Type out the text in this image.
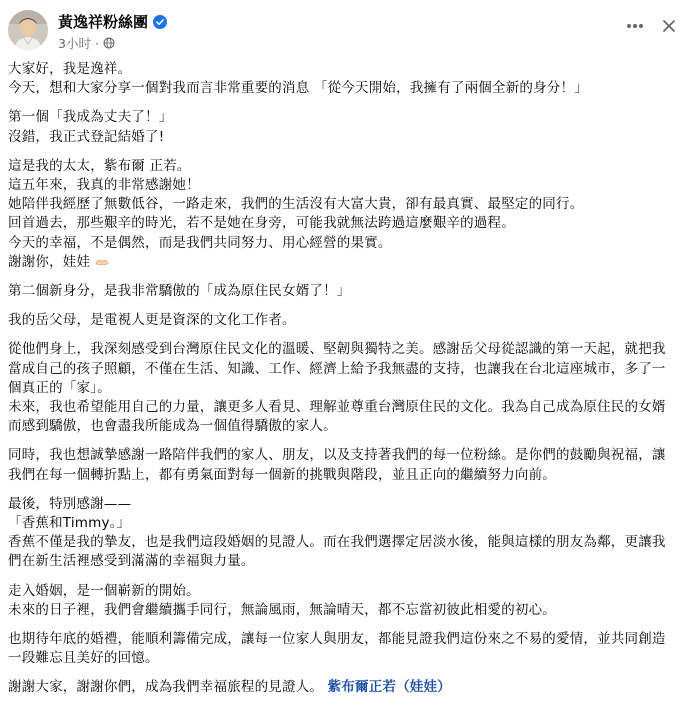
黃逸祥粉絲團
3小时 ·
大家好，我是逸祥。
今天，想和大家分享一個對我而言非常重要的消息 「從今天開始，我擁有了兩個全新的身分！」
第一個「我成為丈夫了！」
沒錯，我正式登記結婚了!
這是我的太太，紫布爾 正若。
這五年來，我真的非常感謝她！
她陪伴我經歷了無數低谷，一路走來，我們的生活沒有大富大貴，卻有最真實、最堅定的同行。
回首過去，那些艱辛的時光，若不是她在身旁，可能我就無法跨過這麼艱辛的過程。
今天的幸福，不是偶然，而是我們共同努力、用心經營的果實。
謝謝你，娃娃
第二個新身分，是我非常驕傲的「成為原住民女婿了！」
我的岳父母，是電視人更是資深的文化工作者。
從他們身上，我深刻感受到台灣原住民文化的溫暖、堅韌與獨特之美。感謝岳父母從認識的第一天起，就把我當成自己的孩子照顧，不僅在生活、知識、工作、經濟上給予我無盡的支持，也讓我在台北這座城市，多了一個真正的「家」。
未來，我也希望能用自己的力量，讓更多人看見、理解並尊重台灣原住民的文化。我為自己成為原住民的女婿而感到驕傲，也會盡我所能成為一個值得驕傲的家人。
同時，我也想誠摯感謝一路陪伴我們的家人、朋友，以及支持著我們的每一位粉絲。是你們的鼓勵與祝福，讓我們在每一個轉折點上，都有勇氣面對每一個新的挑戰與階段，並且正向的繼續努力向前。
最後，特別感謝——
「香蕉和Timmy。」
香蕉不僅是我的摯友，也是我們這段婚姻的見證人。而在我們選擇定居淡水後，能與這樣的朋友為鄰，更讓我們在新生活裡感受到滿滿的幸福與力量。
走入婚姻，是一個嶄新的開始。
未來的日子裡，我們會繼續攜手同行，無論風雨，無論晴天，都不忘當初彼此相愛的初心。
也期待年底的婚禮，能順利籌備完成，讓每一位家人與朋友，都能見證我們這份來之不易的愛情，並共同創造一段難忘且美好的回憶。
謝謝大家，謝謝你們，成為我們幸福旅程的見證人。 紫布爾正若（娃娃）
